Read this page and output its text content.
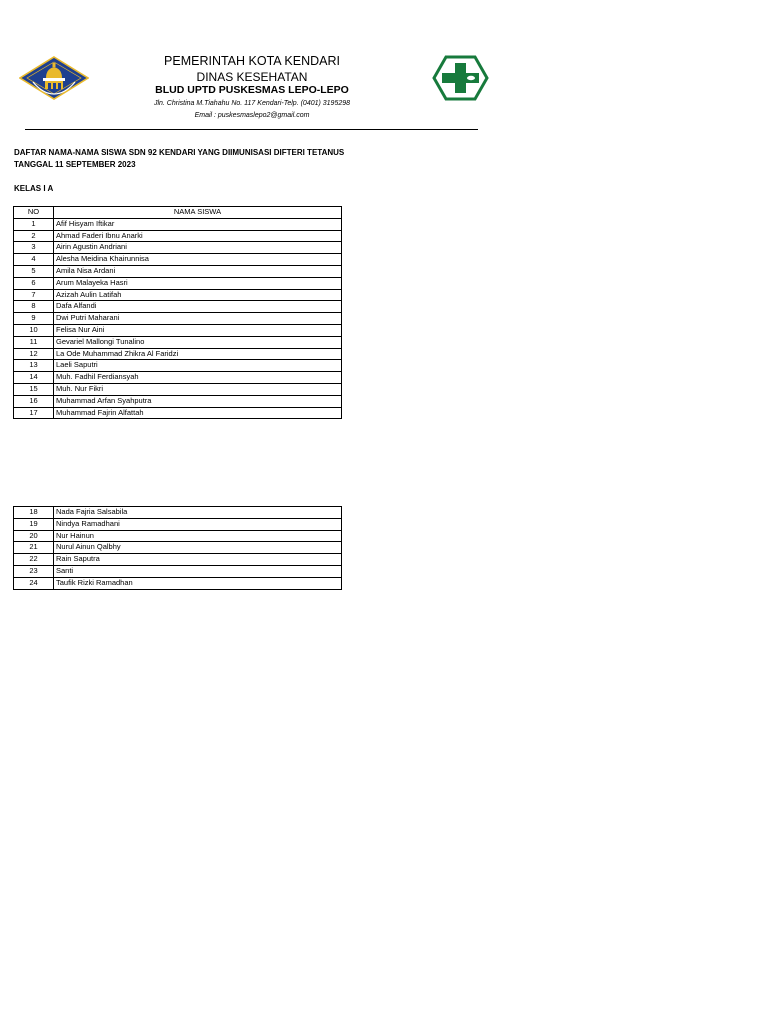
PEMERINTAH KOTA KENDARI
DINAS KESEHATAN
BLUD UPTD PUSKESMAS LEPO-LEPO
Jln. Christina M.Tiahahu No. 117 Kendari-Telp. (0401) 3195298
Email : puskesmaslepo2@gmail.com
DAFTAR NAMA-NAMA SISWA SDN 92 KENDARI YANG DIIMUNISASI DIFTERI TETANUS
TANGGAL 11 SEPTEMBER 2023
KELAS I A
NO	NAMA SISWA
1	Afif Hisyam Iftikar
2	Ahmad Faderi Ibnu Anarki
3	Airin Agustin Andriani
4	Alesha Meidina Khairunnisa
5	Amila Nisa Ardani
6	Arum Malayeka Hasri
7	Azizah Aulin Latifah
8	Dafa Alfandi
9	Dwi Putri Maharani
10	Felisa Nur Aini
11	Gevariel Mallongi Tunalino
12	La Ode Muhammad Zhikra Al Faridzi
13	Laeli Saputri
14	Muh. Fadhil Ferdiansyah
15	Muh. Nur Fikri
16	Muhammad Arfan Syahputra
17	Muhammad Fajrin Alfattah
18	Nada Fajria Salsabila
19	Nindya Ramadhani
20	Nur Hainun
21	Nurul Ainun Qalbhy
22	Rain Saputra
23	Santi
24	Taufik Rizki Ramadhan
